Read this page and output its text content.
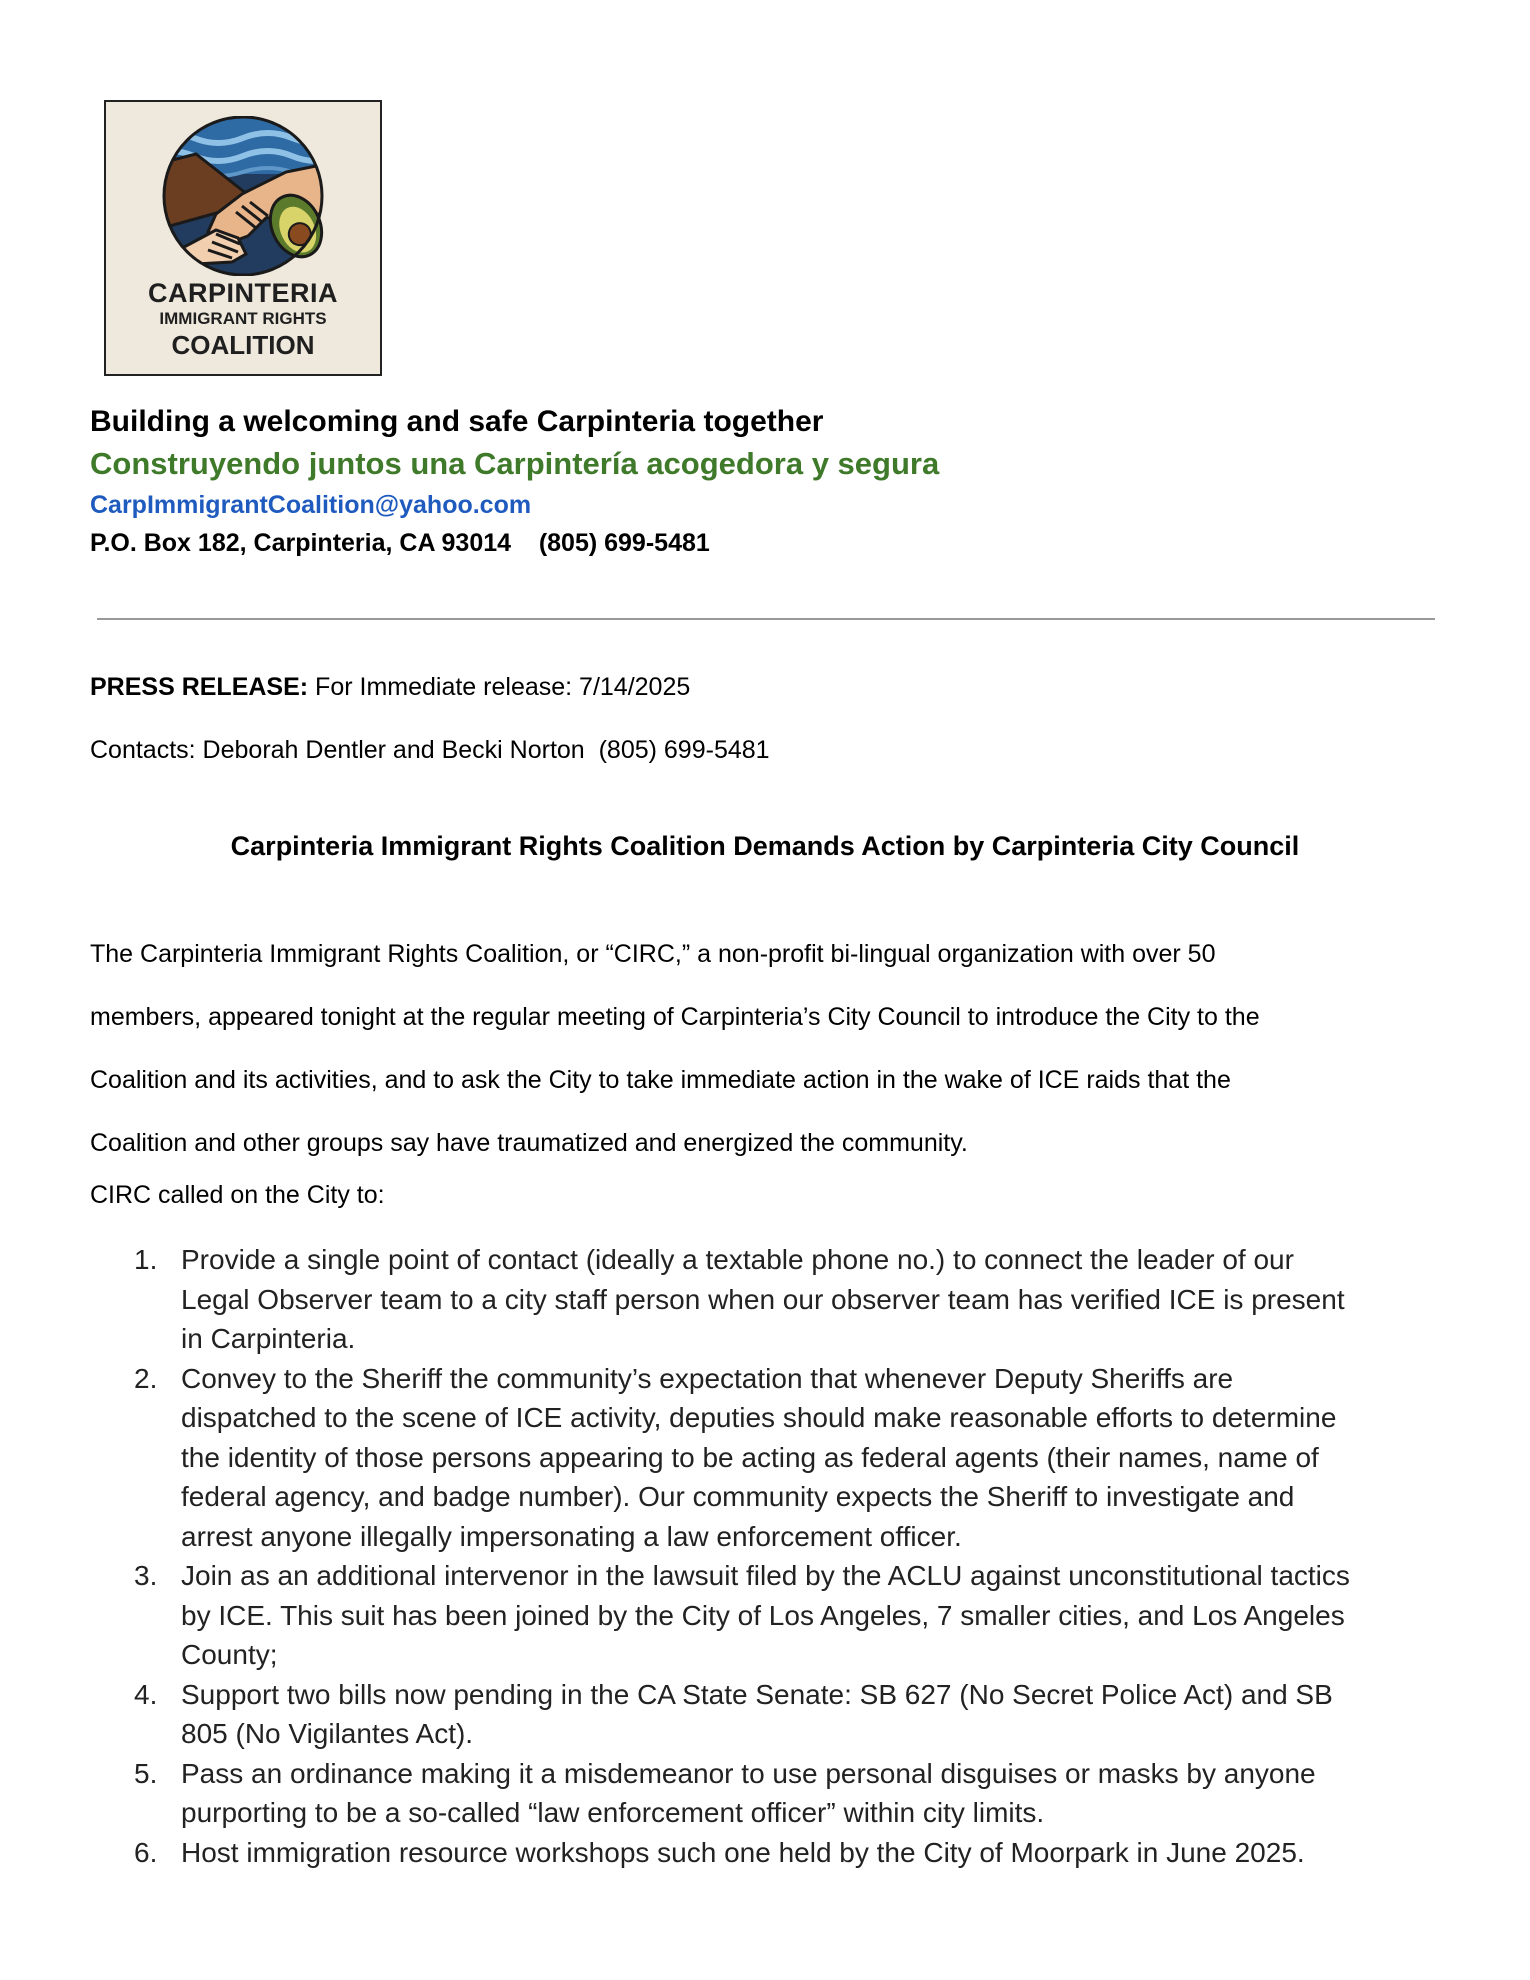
CARPINTERIA
IMMIGRANT RIGHTS
COALITION
Building a welcoming and safe Carpinteria together
Construyendo juntos una Carpintería acogedora y segura
CarpImmigrantCoalition@yahoo.com
P.O. Box 182, Carpinteria, CA 93014    (805) 699-5481
PRESS RELEASE: For Immediate release: 7/14/2025
Contacts: Deborah Dentler and Becki Norton  (805) 699-5481
Carpinteria Immigrant Rights Coalition Demands Action by Carpinteria City Council
The Carpinteria Immigrant Rights Coalition, or “CIRC,” a non-profit bi-lingual organization with over 50
members, appeared tonight at the regular meeting of Carpinteria’s City Council to introduce the City to the
Coalition and its activities, and to ask the City to take immediate action in the wake of ICE raids that the
Coalition and other groups say have traumatized and energized the community.
CIRC called on the City to:
1. Provide a single point of contact (ideally a textable phone no.) to connect the leader of our
Legal Observer team to a city staff person when our observer team has verified ICE is present
in Carpinteria.
2. Convey to the Sheriff the community’s expectation that whenever Deputy Sheriffs are
dispatched to the scene of ICE activity, deputies should make reasonable efforts to determine
the identity of those persons appearing to be acting as federal agents (their names, name of
federal agency, and badge number). Our community expects the Sheriff to investigate and
arrest anyone illegally impersonating a law enforcement officer.
3. Join as an additional intervenor in the lawsuit filed by the ACLU against unconstitutional tactics
by ICE. This suit has been joined by the City of Los Angeles, 7 smaller cities, and Los Angeles
County;
4. Support two bills now pending in the CA State Senate: SB 627 (No Secret Police Act) and SB
805 (No Vigilantes Act).
5. Pass an ordinance making it a misdemeanor to use personal disguises or masks by anyone
purporting to be a so-called “law enforcement officer” within city limits.
6. Host immigration resource workshops such one held by the City of Moorpark in June 2025.
